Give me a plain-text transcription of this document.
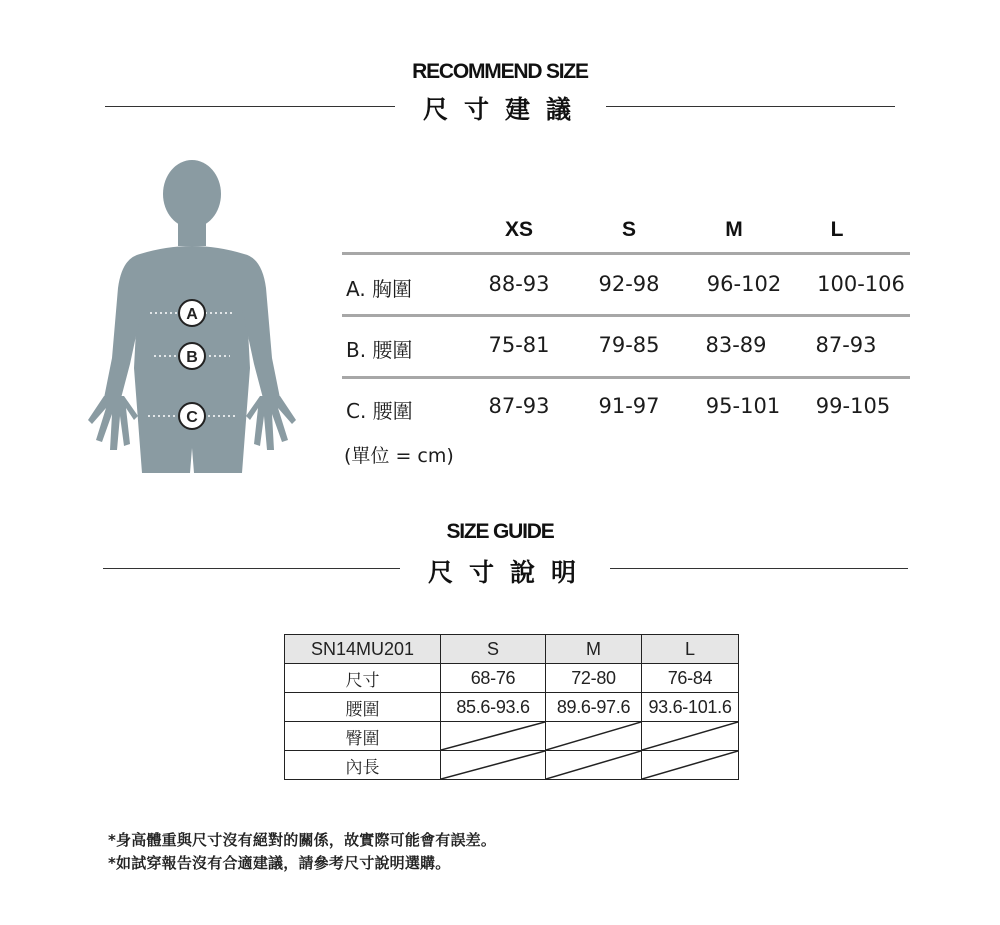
RECOMMEND SIZE
尺寸建議
A
B
C
XS	S	M	L
A. 胸圍	88-93	92-98	96-102	100-106
B. 腰圍	75-81	79-85	83-89	87-93
C. 腰圍	87-93	91-97	95-101	99-105
(單位 = cm)
SIZE GUIDE
尺寸說明
SN14MU201	S	M	L
尺寸	68-76	72-80	76-84
腰圍	85.6-93.6	89.6-97.6	93.6-101.6
臀圍	

內長	

*身高體重與尺寸沒有絕對的關係，故實際可能會有誤差。
*如試穿報告沒有合適建議，請參考尺寸說明選購。
